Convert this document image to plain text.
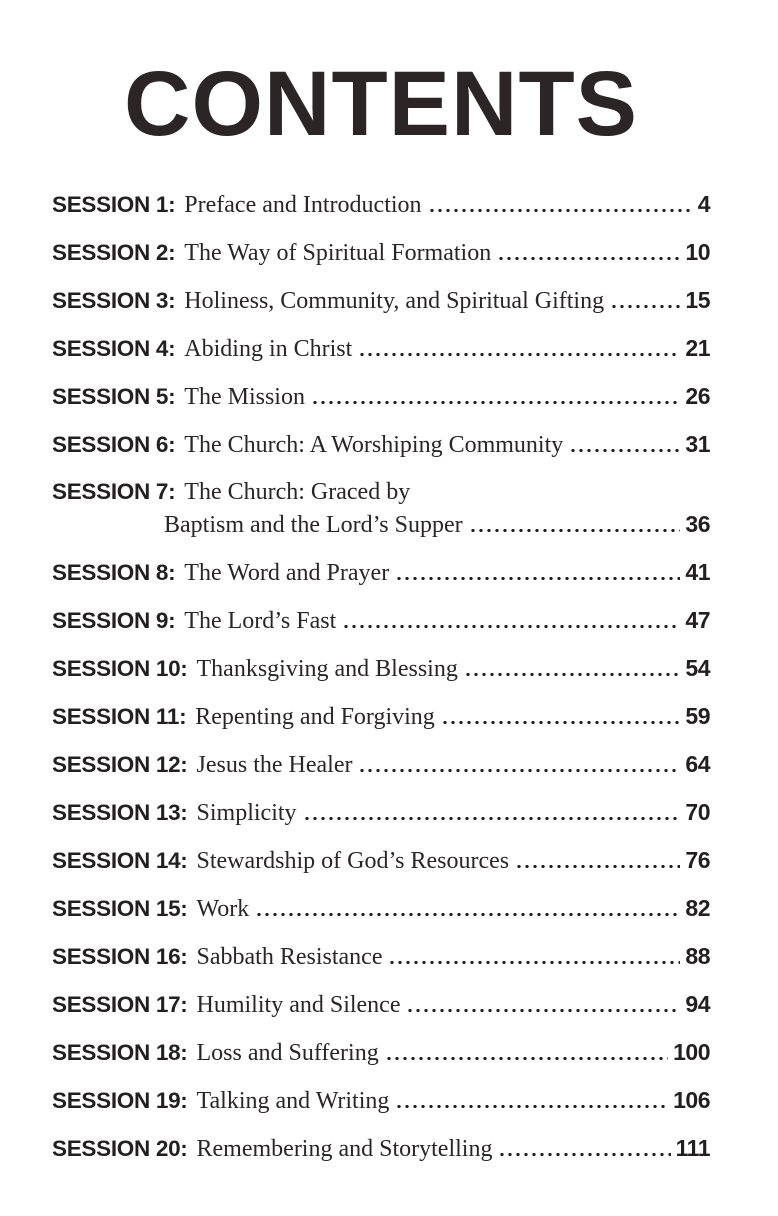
CONTENTS
SESSION 1: Preface and Introduction	4
SESSION 2: The Way of Spiritual Formation	10
SESSION 3: Holiness, Community, and Spiritual Gifting	15
SESSION 4: Abiding in Christ	21
SESSION 5: The Mission	26
SESSION 6: The Church: A Worshiping Community	31
SESSION 7: The Church: Graced by
Baptism and the Lord’s Supper	36
SESSION 8: The Word and Prayer	41
SESSION 9: The Lord’s Fast	47
SESSION 10: Thanksgiving and Blessing	54
SESSION 11: Repenting and Forgiving	59
SESSION 12: Jesus the Healer	64
SESSION 13: Simplicity	70
SESSION 14: Stewardship of God’s Resources	76
SESSION 15: Work	82
SESSION 16: Sabbath Resistance	88
SESSION 17: Humility and Silence	94
SESSION 18: Loss and Suffering	100
SESSION 19: Talking and Writing	106
SESSION 20: Remembering and Storytelling	111
